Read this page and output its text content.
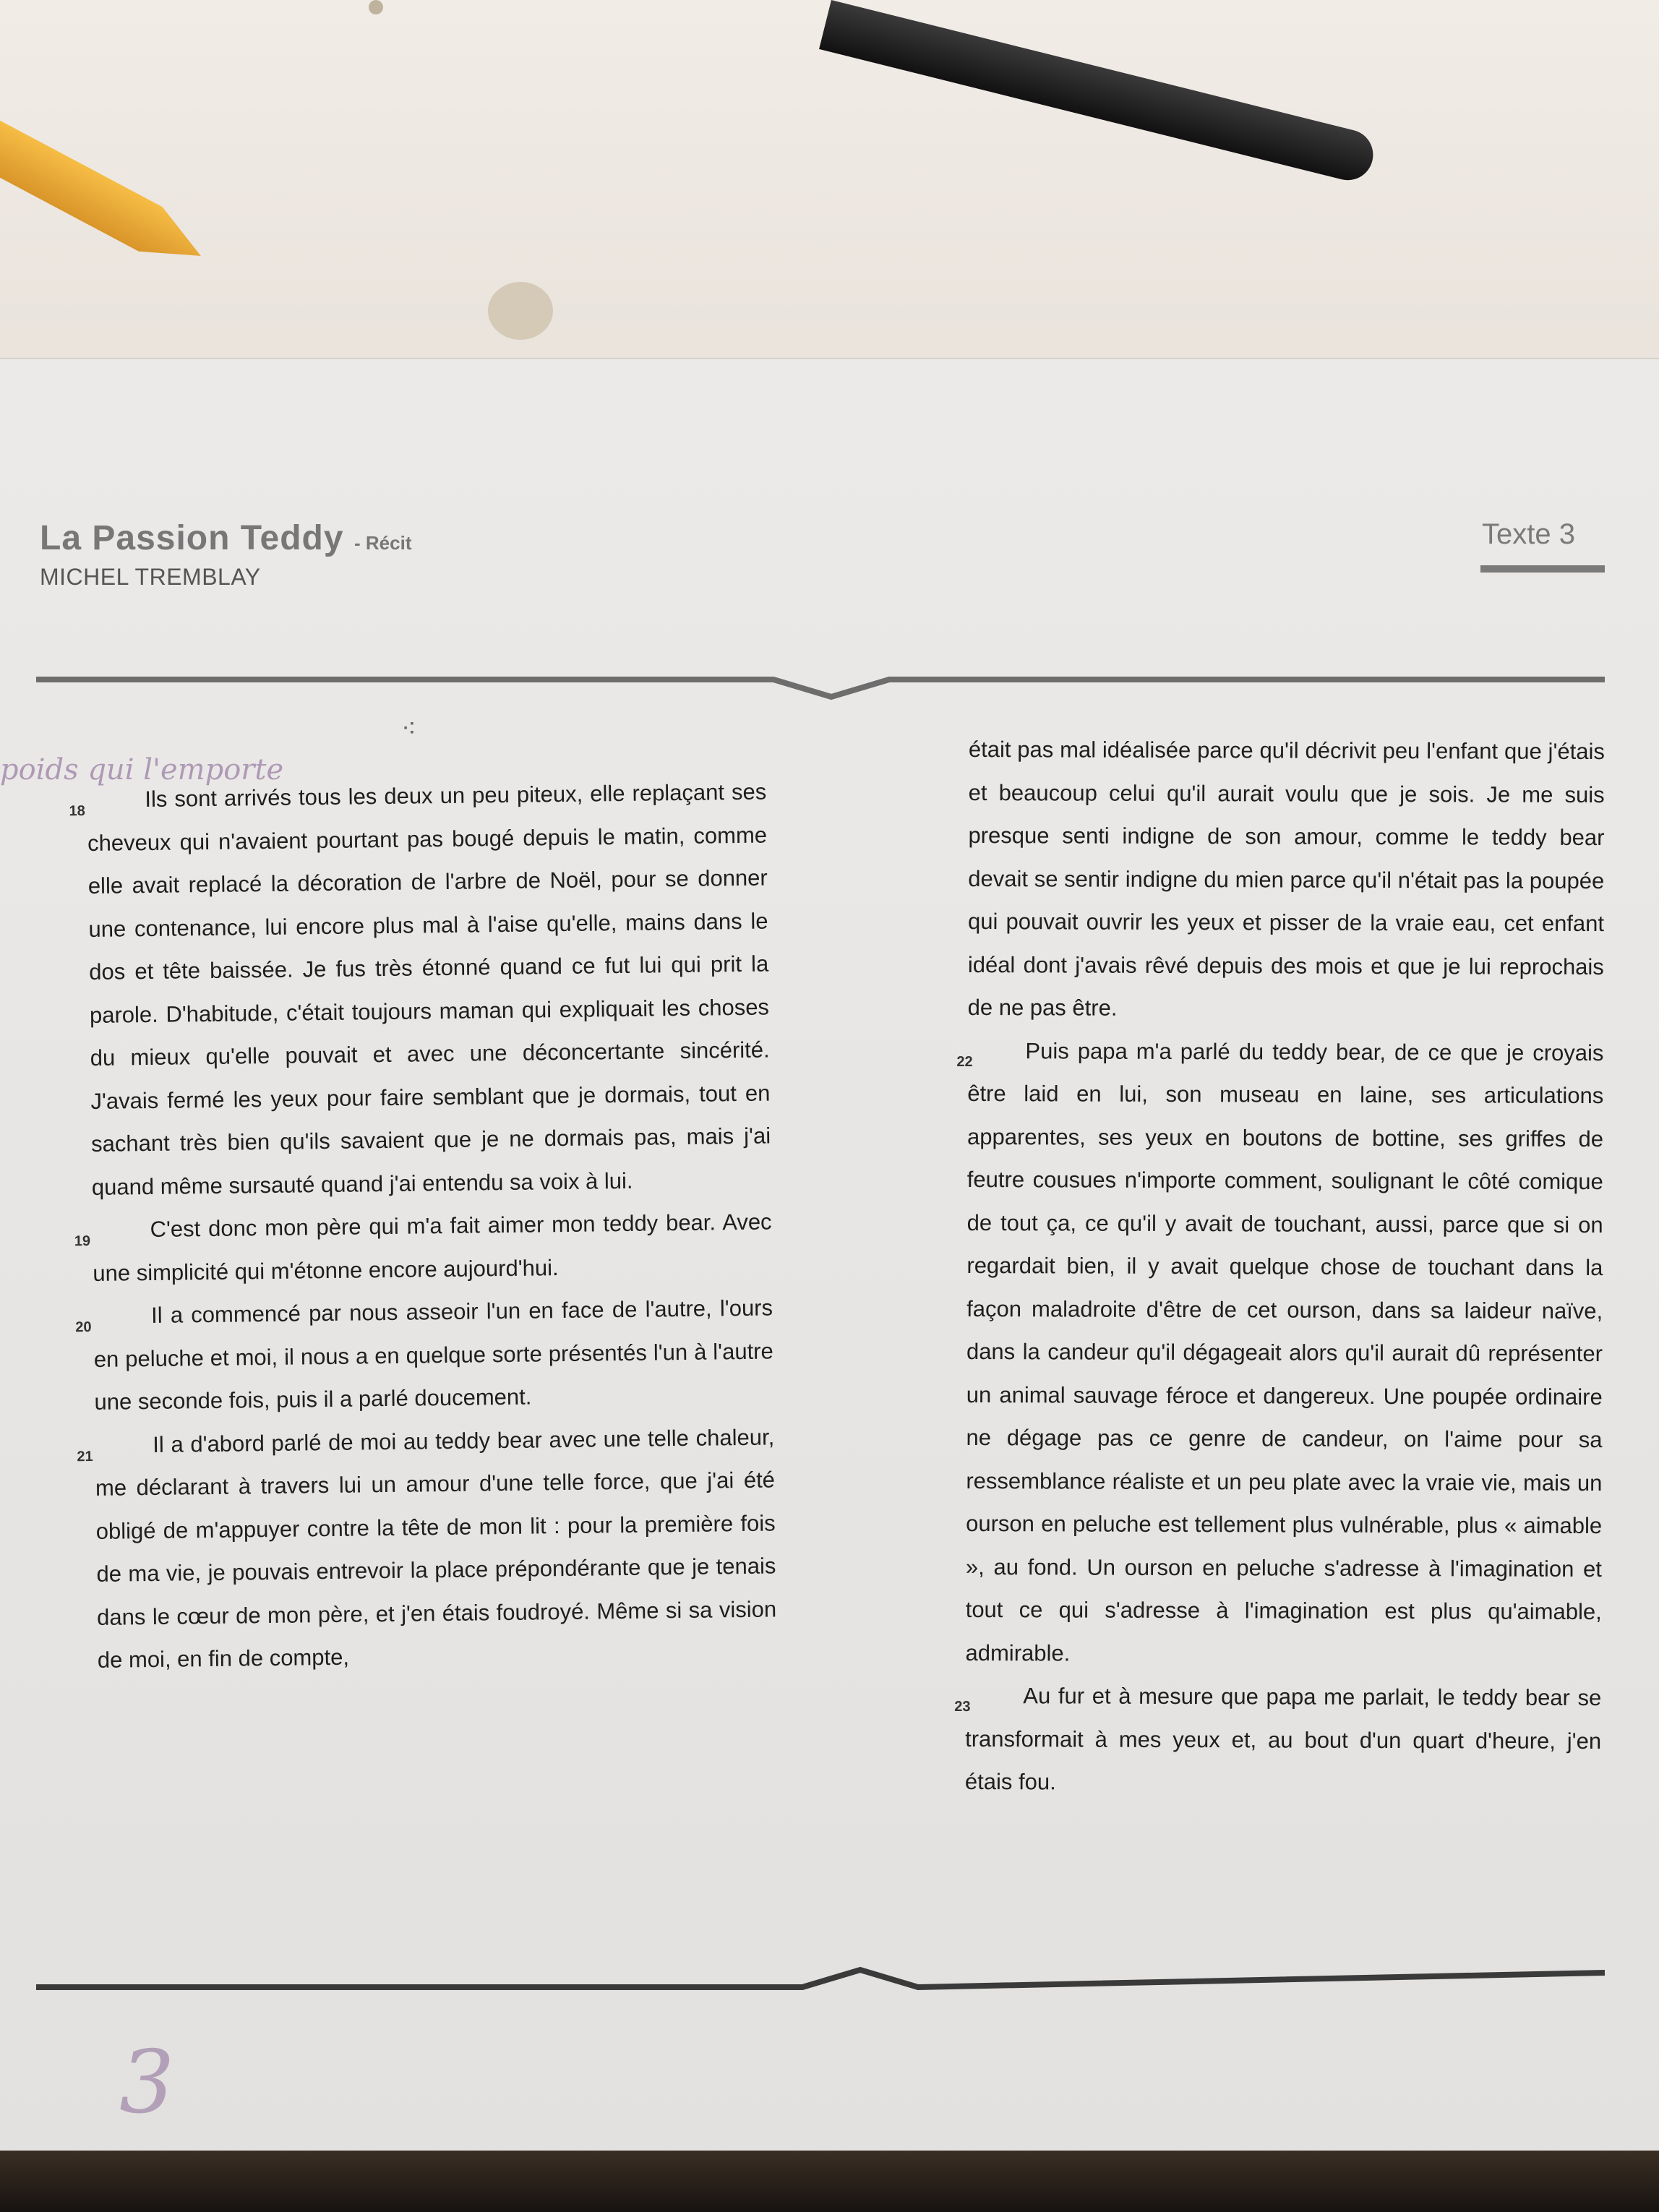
La Passion Teddy - Récit
MICHEL TREMBLAY
Texte 3
⁖
poids qui l'emporte

18	Ils sont arrivés tous les deux un peu piteux, elle replaçant ses cheveux qui n'avaient pourtant pas bougé depuis le matin, comme elle avait replacé la décoration de l'arbre de Noël, pour se donner une contenance, lui encore plus mal à l'aise qu'elle, mains dans le dos et tête baissée. Je fus très étonné quand ce fut lui qui prit la parole. D'habitude, c'était toujours maman qui expliquait les choses du mieux qu'elle pouvait et avec une déconcertante sincérité. J'avais fermé les yeux pour faire semblant que je dormais, tout en sachant très bien qu'ils savaient que je ne dormais pas, mais j'ai quand même sursauté quand j'ai entendu sa voix à lui.

19	C'est donc mon père qui m'a fait aimer mon teddy bear. Avec une simplicité qui m'étonne encore aujourd'hui.

20	Il a commencé par nous asseoir l'un en face de l'autre, l'ours en peluche et moi, il nous a en quelque sorte présentés l'un à l'autre une seconde fois, puis il a parlé doucement.

21	Il a d'abord parlé de moi au teddy bear avec une telle chaleur, me déclarant à travers lui un amour d'une telle force, que j'ai été obligé de m'appuyer contre la tête de mon lit : pour la première fois de ma vie, je pouvais entrevoir la place prépondérante que je tenais dans le cœur de mon père, et j'en étais foudroyé. Même si sa vision de moi, en fin de compte,

était pas mal idéalisée parce qu'il décrivit peu l'enfant que j'étais et beaucoup celui qu'il aurait voulu que je sois. Je me suis presque senti indigne de son amour, comme le teddy bear devait se sentir indigne du mien parce qu'il n'était pas la poupée qui pouvait ouvrir les yeux et pisser de la vraie eau, cet enfant idéal dont j'avais rêvé depuis des mois et que je lui reprochais de ne pas être.

22 Puis papa m'a parlé du teddy bear, de ce que je croyais être laid en lui, son museau en laine, ses articulations apparentes, ses yeux en boutons de bottine, ses griffes de feutre cousues n'importe comment, soulignant le côté comique de tout ça, ce qu'il y avait de touchant, aussi, parce que si on regardait bien, il y avait quelque chose de touchant dans la façon maladroite d'être de cet ourson, dans sa laideur naïve, dans la candeur qu'il dégageait alors qu'il aurait dû représenter un animal sauvage féroce et dangereux. Une poupée ordinaire ne dégage pas ce genre de candeur, on l'aime pour sa ressemblance réaliste et un peu plate avec la vraie vie, mais un ourson en peluche est tellement plus vulnérable, plus « aimable », au fond. Un ourson en peluche s'adresse à l'imagination et tout ce qui s'adresse à l'imagination est plus qu'aimable, admirable.

23 Au fur et à mesure que papa me parlait, le teddy bear se transformait à mes yeux et, au bout d'un quart d'heure, j'en étais fou.

3
